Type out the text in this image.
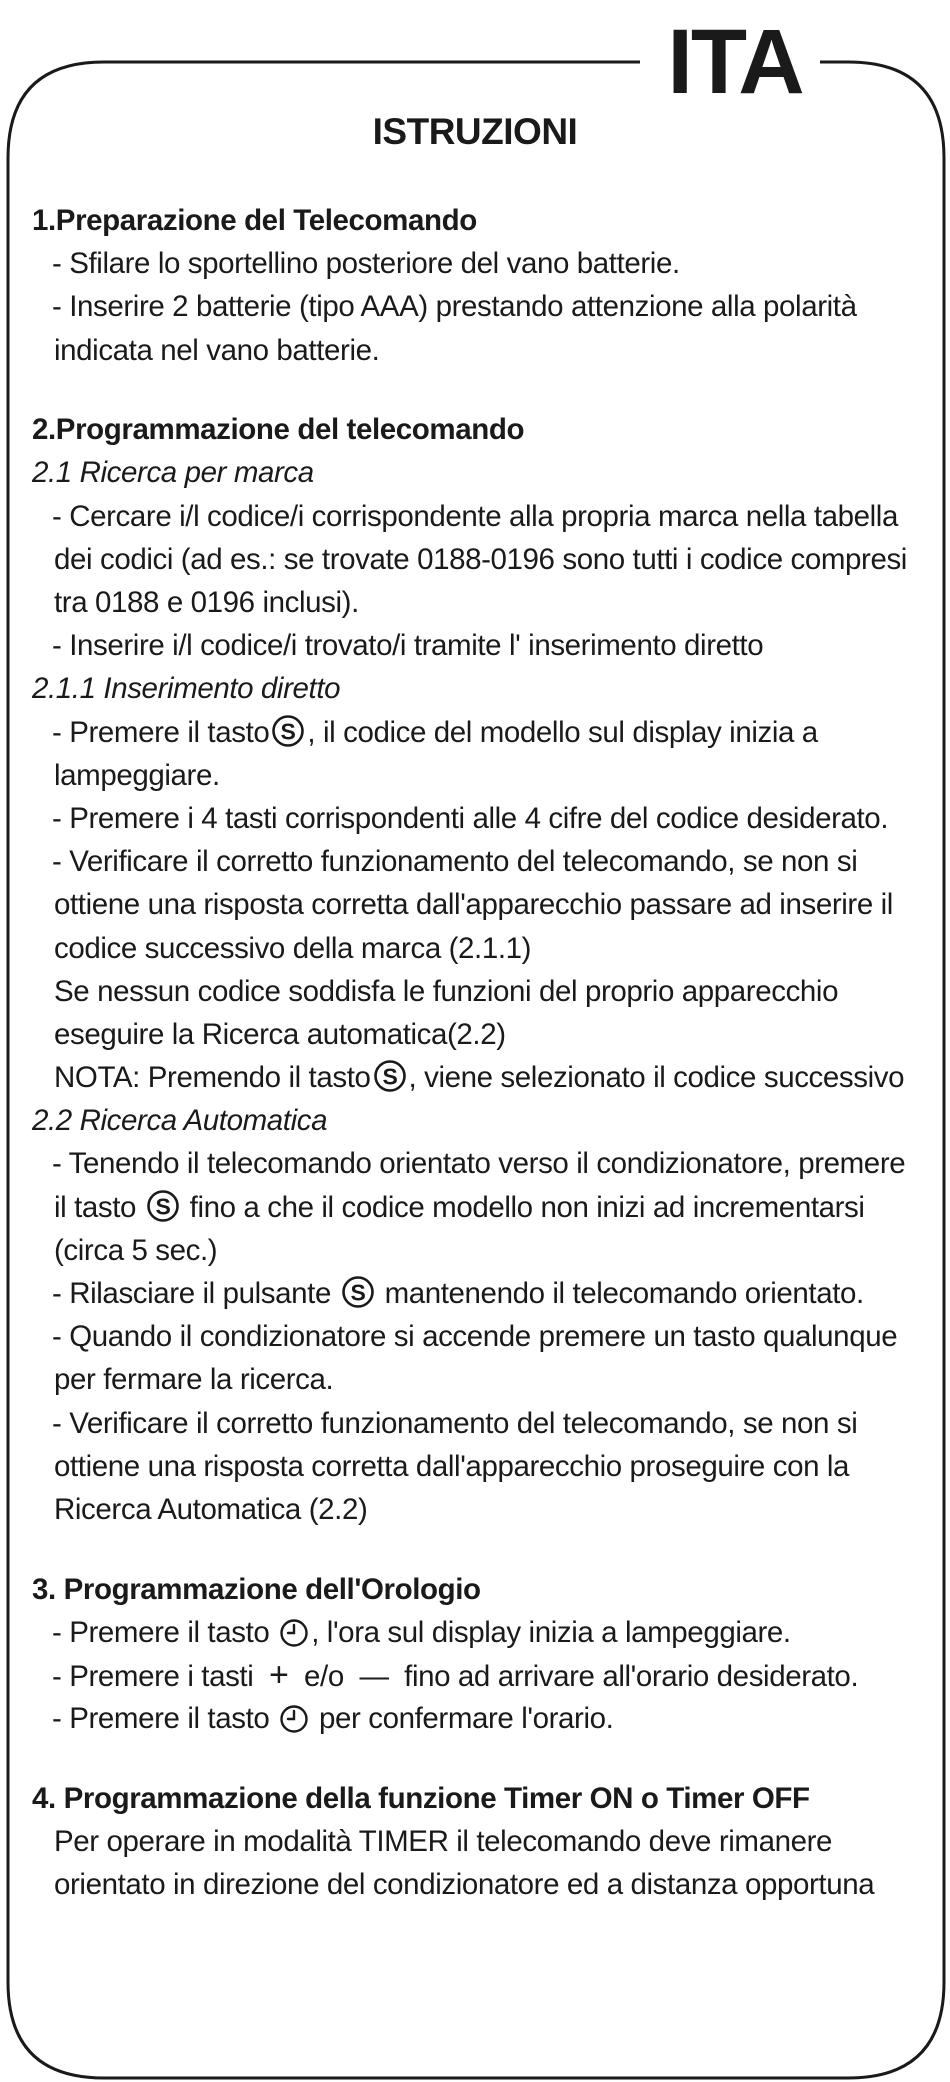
ITA
ISTRUZIONI
1.Preparazione del Telecomando
- Sfilare lo sportellino posteriore del vano batterie.
- Inserire 2 batterie (tipo AAA) prestando attenzione alla polarità
indicata nel vano batterie.
2.Programmazione del telecomando
2.1 Ricerca per marca
- Cercare i/l codice/i corrispondente alla propria marca nella tabella
dei codici (ad es.: se trovate 0188-0196 sono tutti i codice compresi
tra 0188 e 0196 inclusi).
- Inserire i/l codice/i trovato/i tramite l' inserimento diretto
2.1.1 Inserimento diretto
- Premere il tasto S , il codice del modello sul display inizia a
lampeggiare.
- Premere i 4 tasti corrispondenti alle 4 cifre del codice desiderato.
- Verificare il corretto funzionamento del telecomando, se non si
ottiene una risposta corretta dall'apparecchio passare ad inserire il
codice successivo della marca (2.1.1)
Se nessun codice soddisfa le funzioni del proprio apparecchio
eseguire la Ricerca automatica(2.2)
NOTA: Premendo il tasto S , viene selezionato il codice successivo
2.2 Ricerca Automatica
- Tenendo il telecomando orientato verso il condizionatore, premere
il tasto S fino a che il codice modello non inizi ad incrementarsi
(circa 5 sec.)
- Rilasciare il pulsante S mantenendo il telecomando orientato.
- Quando il condizionatore si accende premere un tasto qualunque
per fermare la ricerca.
- Verificare il corretto funzionamento del telecomando, se non si
ottiene una risposta corretta dall'apparecchio proseguire con la
Ricerca Automatica (2.2)
3. Programmazione dell'Orologio
- Premere il tasto , l'ora sul display inizia a lampeggiare.
- Premere i tasti + e/o — fino ad arrivare all'orario desiderato.
- Premere il tasto per confermare l'orario.
4. Programmazione della funzione Timer ON o Timer OFF
Per operare in modalità TIMER il telecomando deve rimanere
orientato in direzione del condizionatore ed a distanza opportuna
